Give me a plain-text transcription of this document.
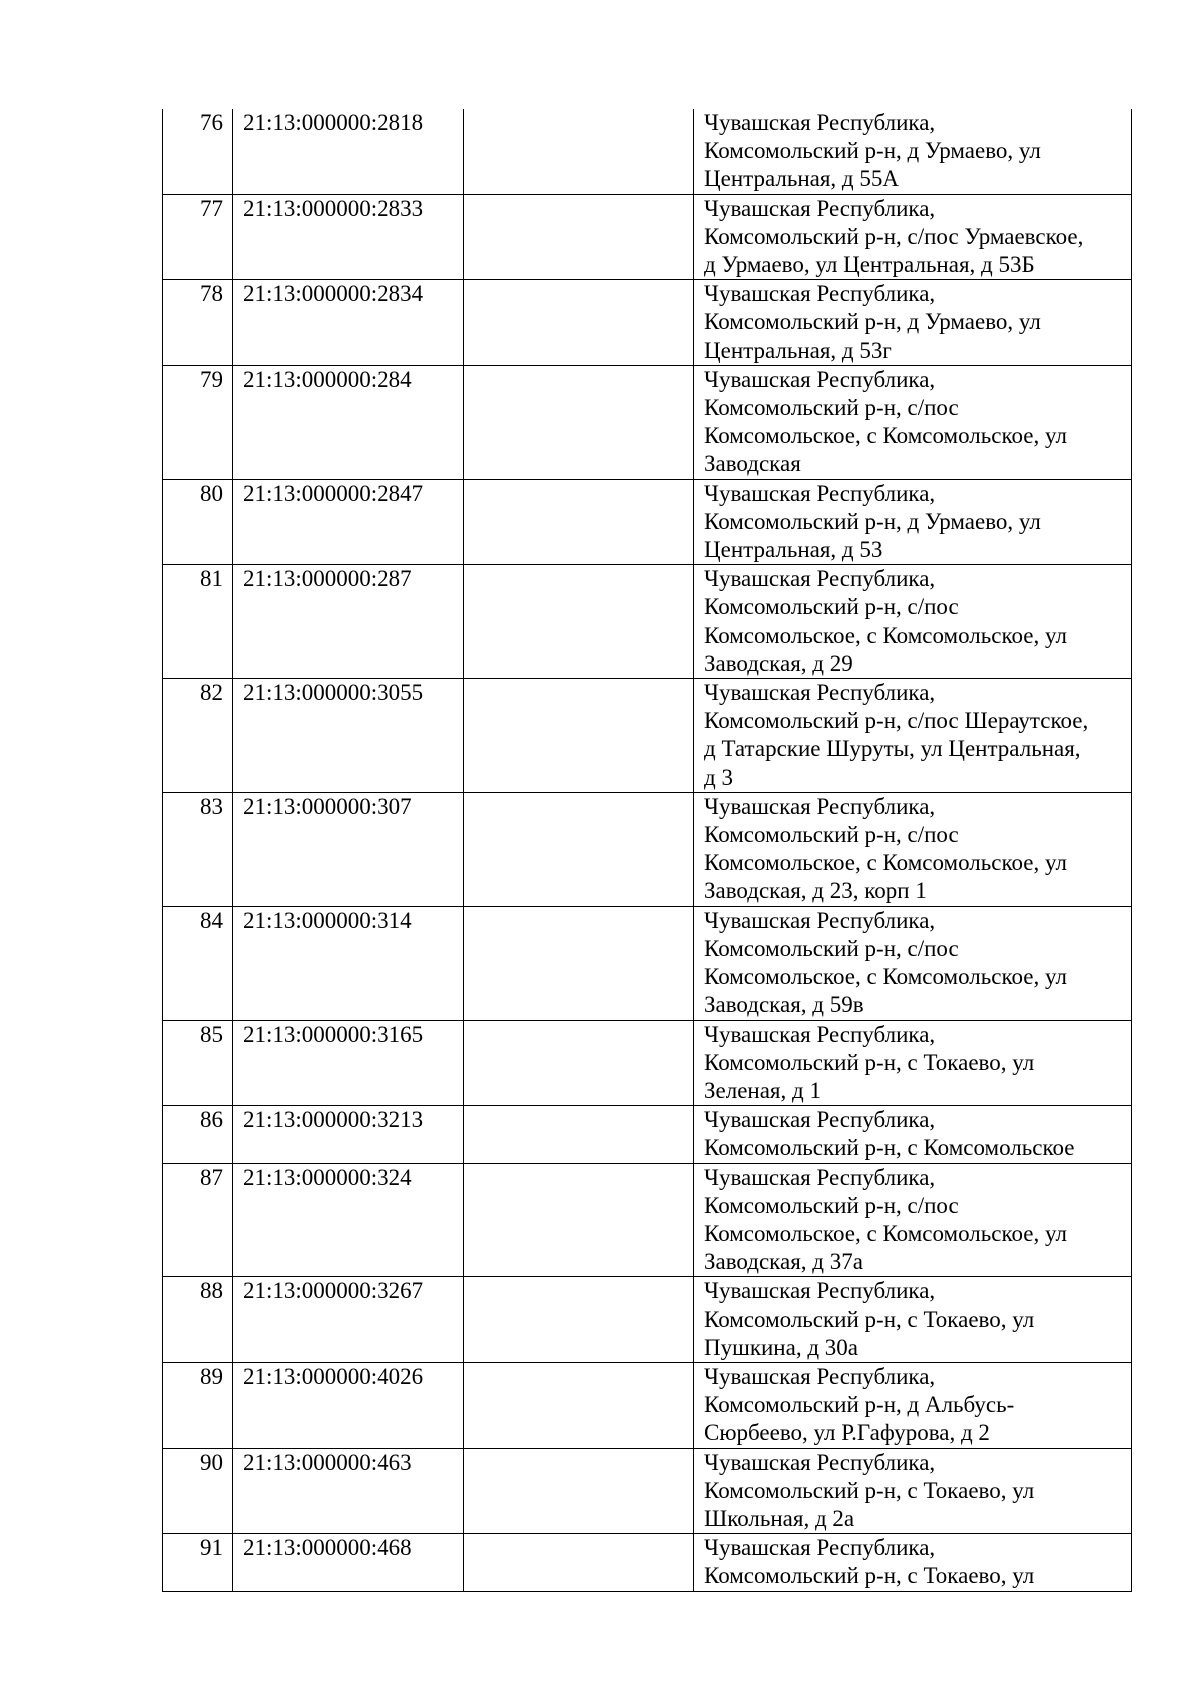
76	21:13:000000:2818		Чувашская Республика,
Комсомольский р-н, д Урмаево, ул
Центральная, д 55А

77	21:13:000000:2833		Чувашская Республика,
Комсомольский р-н, с/пос Урмаевское,
д Урмаево, ул Центральная, д 53Б

78	21:13:000000:2834		Чувашская Республика,
Комсомольский р-н, д Урмаево, ул
Центральная, д 53г

79	21:13:000000:284		Чувашская Республика,
Комсомольский р-н, с/пос
Комсомольское, с Комсомольское, ул
Заводская

80	21:13:000000:2847		Чувашская Республика,
Комсомольский р-н, д Урмаево, ул
Центральная, д 53

81	21:13:000000:287		Чувашская Республика,
Комсомольский р-н, с/пос
Комсомольское, с Комсомольское, ул
Заводская, д 29

82	21:13:000000:3055		Чувашская Республика,
Комсомольский р-н, с/пос Шераутское,
д Татарские Шуруты, ул Центральная,
д 3

83	21:13:000000:307		Чувашская Республика,
Комсомольский р-н, с/пос
Комсомольское, с Комсомольское, ул
Заводская, д 23, корп 1

84	21:13:000000:314		Чувашская Республика,
Комсомольский р-н, с/пос
Комсомольское, с Комсомольское, ул
Заводская, д 59в

85	21:13:000000:3165		Чувашская Республика,
Комсомольский р-н, с Токаево, ул
Зеленая, д 1

86	21:13:000000:3213		Чувашская Республика,
Комсомольский р-н, с Комсомольское

87	21:13:000000:324		Чувашская Республика,
Комсомольский р-н, с/пос
Комсомольское, с Комсомольское, ул
Заводская, д 37а

88	21:13:000000:3267		Чувашская Республика,
Комсомольский р-н, с Токаево, ул
Пушкина, д 30а

89	21:13:000000:4026		Чувашская Республика,
Комсомольский р-н, д Альбусь-
Сюрбеево, ул Р.Гафурова, д 2

90	21:13:000000:463		Чувашская Республика,
Комсомольский р-н, с Токаево, ул
Школьная, д 2а

91	21:13:000000:468		Чувашская Республика,
Комсомольский р-н, с Токаево, ул
